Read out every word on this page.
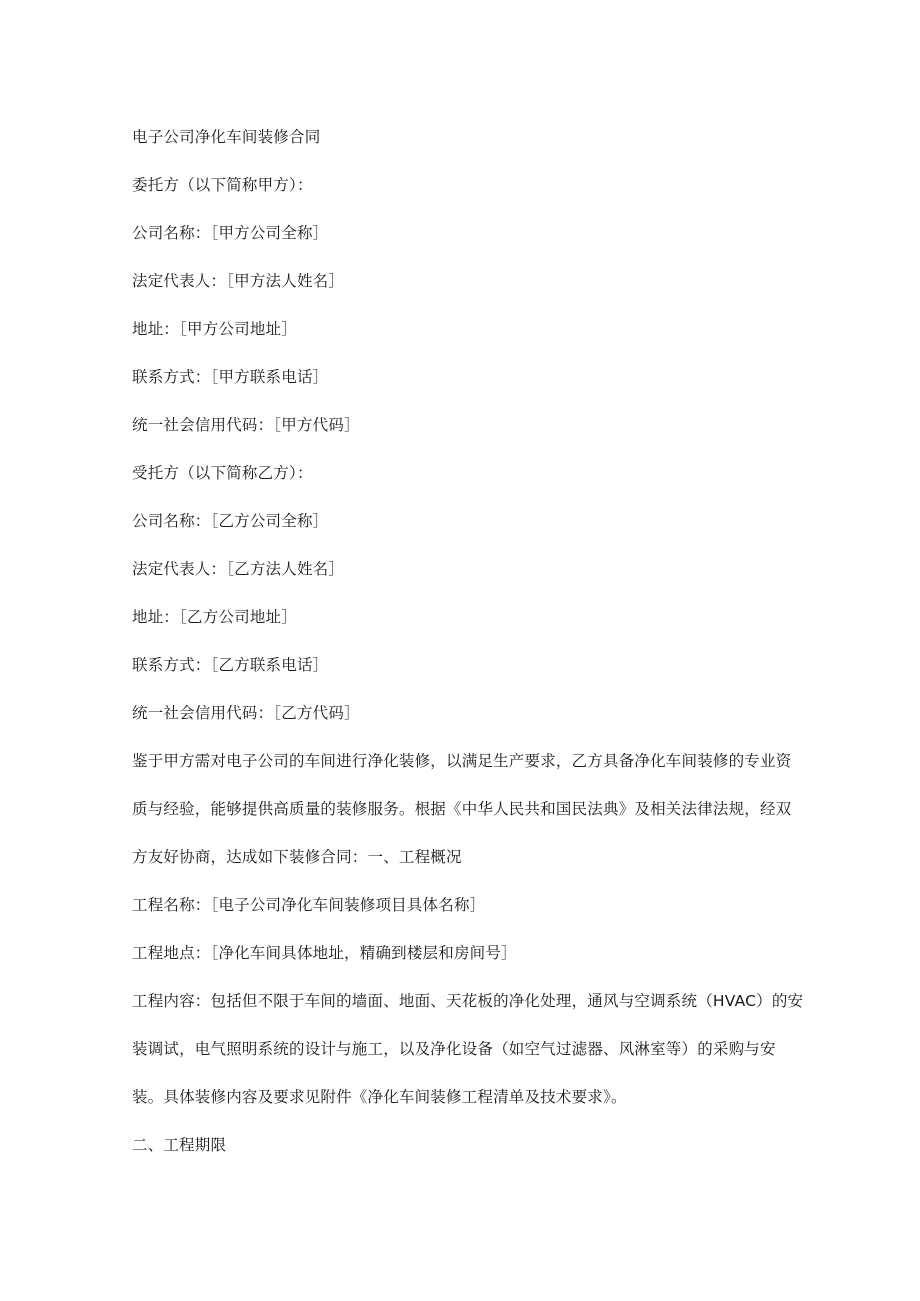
电子公司净化车间装修合同
委托方（以下简称甲方）：
公司名称：［甲方公司全称］
法定代表人：［甲方法人姓名］
地址：［甲方公司地址］
联系方式：［甲方联系电话］
统一社会信用代码：［甲方代码］
受托方（以下简称乙方）：
公司名称：［乙方公司全称］
法定代表人：［乙方法人姓名］
地址：［乙方公司地址］
联系方式：［乙方联系电话］
统一社会信用代码：［乙方代码］
鉴于甲方需对电子公司的车间进行净化装修，以满足生产要求，乙方具备净化车间装修的专业资
质与经验，能够提供高质量的装修服务。根据《中华人民共和国民法典》及相关法律法规，经双
方友好协商，达成如下装修合同：一、工程概况
工程名称：［电子公司净化车间装修项目具体名称］
工程地点：［净化车间具体地址，精确到楼层和房间号］
工程内容：包括但不限于车间的墙面、地面、天花板的净化处理，通风与空调系统（HVAC）的安
装调试，电气照明系统的设计与施工，以及净化设备（如空气过滤器、风淋室等）的采购与安
装。具体装修内容及要求见附件《净化车间装修工程清单及技术要求》。
二、工程期限
